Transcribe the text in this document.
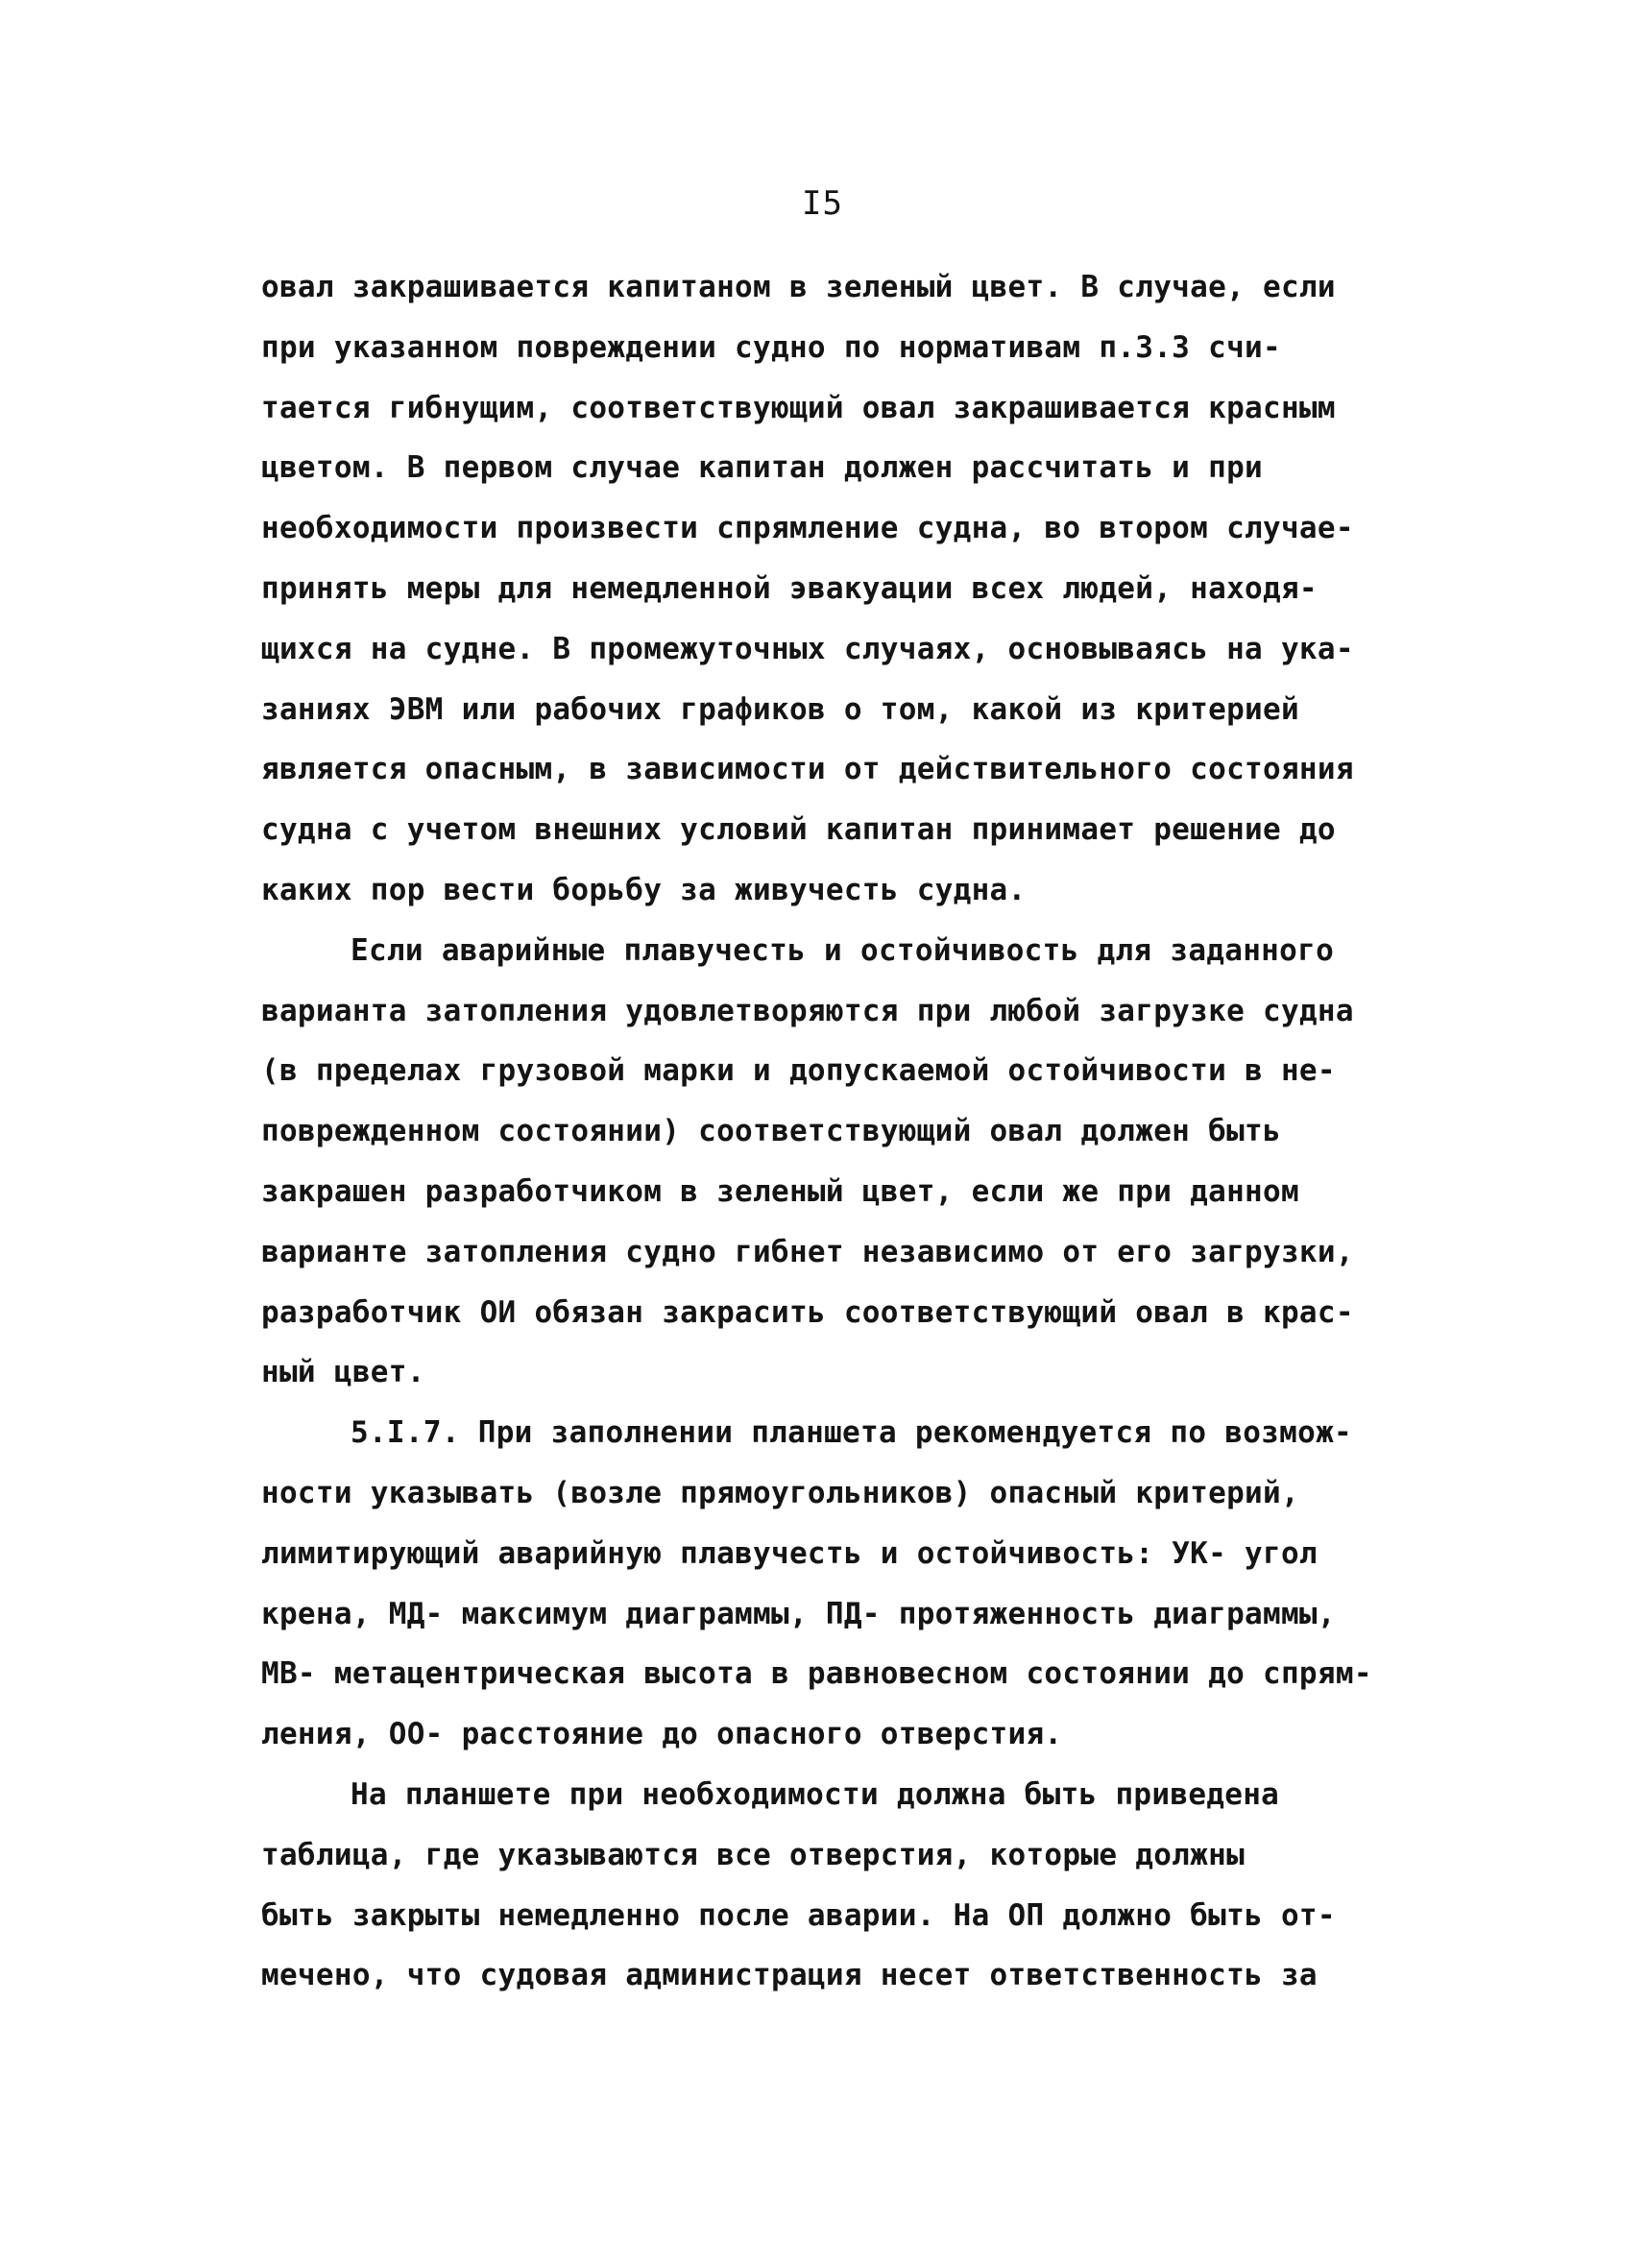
I5
овал закрашивается капитаном в зеленый цвет. В случае, если
при указанном повреждении судно по нормативам п.3.3 счи-
тается гибнущим, соответствующий овал закрашивается красным
цветом. В первом случае капитан должен рассчитать и при
необходимости произвести спрямление судна, во втором случае-
принять меры для немедленной эвакуации всех людей, находя-
щихся на судне. В промежуточных случаях, основываясь на ука-
заниях ЭВМ или рабочих графиков о том, какой из критерией
является опасным, в зависимости от действительного состояния
судна с учетом внешних условий капитан принимает решение до
каких пор вести борьбу за живучесть судна.
Если аварийные плавучесть и остойчивость для заданного
варианта затопления удовлетворяются при любой загрузке судна
(в пределах грузовой марки и допускаемой остойчивости в не-
поврежденном состоянии) соответствующий овал должен быть
закрашен разработчиком в зеленый цвет, если же при данном
варианте затопления судно гибнет независимо от его загрузки,
разработчик ОИ обязан закрасить соответствующий овал в крас-
ный цвет.
5.I.7. При заполнении планшета рекомендуется по возмож-
ности указывать (возле прямоугольников) опасный критерий,
лимитирующий аварийную плавучесть и остойчивость: УК- угол
крена, МД- максимум диаграммы, ПД- протяженность диаграммы,
МВ- метацентрическая высота в равновесном состоянии до спрям-
ления, ОО- расстояние до опасного отверстия.
На планшете при необходимости должна быть приведена
таблица, где указываются все отверстия, которые должны
быть закрыты немедленно после аварии. На ОП должно быть от-
мечено, что судовая администрация несет ответственность за
